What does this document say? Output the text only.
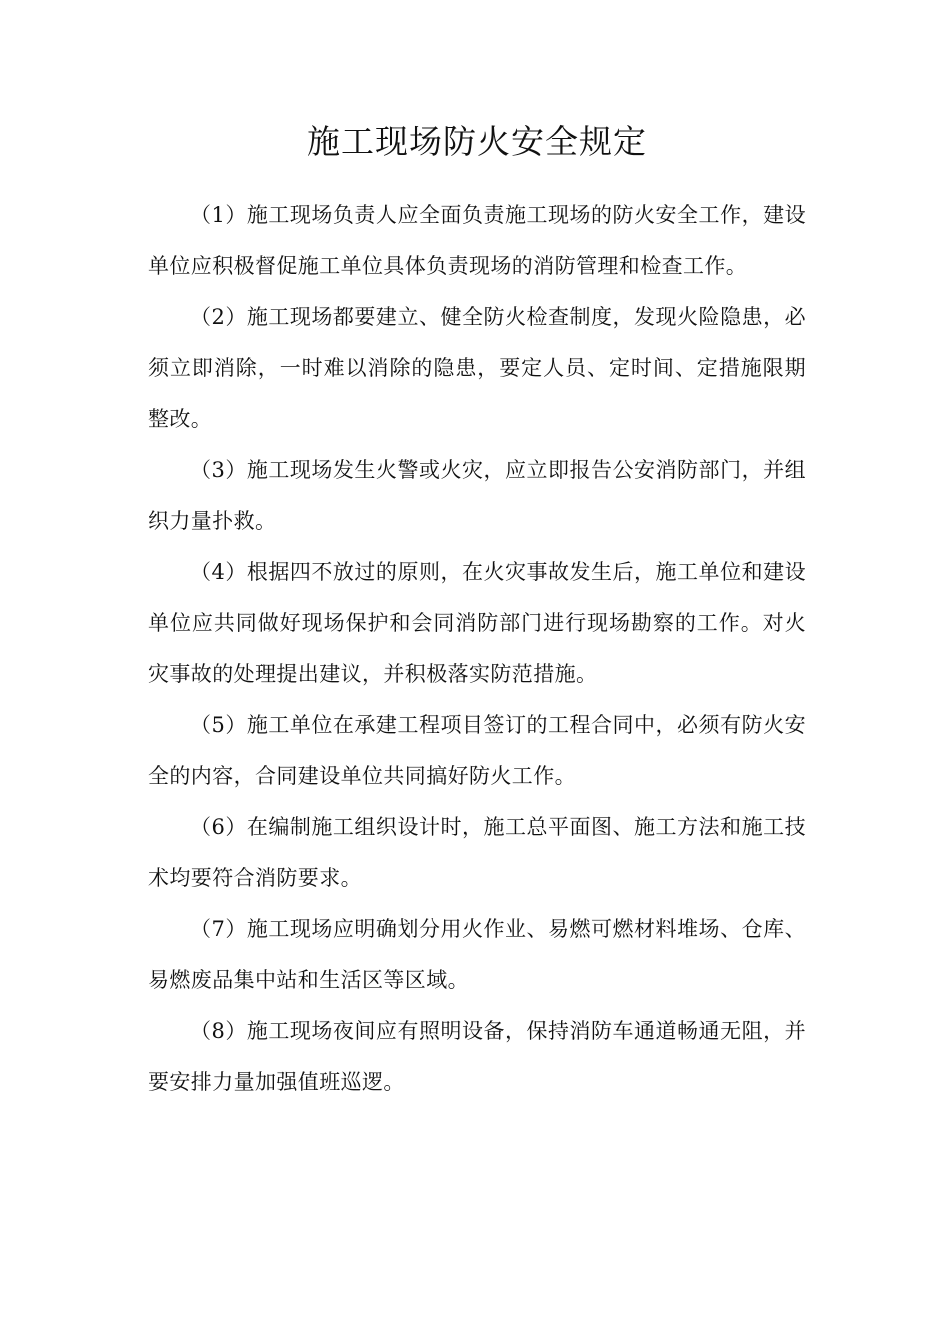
施工现场防火安全规定

（1）施工现场负责人应全面负责施工现场的防火安全工作，建设单位应积极督促施工单位具体负责现场的消防管理和检查工作。

（2）施工现场都要建立、健全防火检查制度，发现火险隐患，必须立即消除，一时难以消除的隐患，要定人员、定时间、定措施限期整改。

（3）施工现场发生火警或火灾，应立即报告公安消防部门，并组织力量扑救。

（4）根据四不放过的原则，在火灾事故发生后，施工单位和建设单位应共同做好现场保护和会同消防部门进行现场勘察的工作。对火灾事故的处理提出建议，并积极落实防范措施。

（5）施工单位在承建工程项目签订的工程合同中，必须有防火安全的内容，合同建设单位共同搞好防火工作。

（6）在编制施工组织设计时，施工总平面图、施工方法和施工技术均要符合消防要求。

（7）施工现场应明确划分用火作业、易燃可燃材料堆场、仓库、易燃废品集中站和生活区等区域。

（8）施工现场夜间应有照明设备，保持消防车通道畅通无阻，并要安排力量加强值班巡逻。
